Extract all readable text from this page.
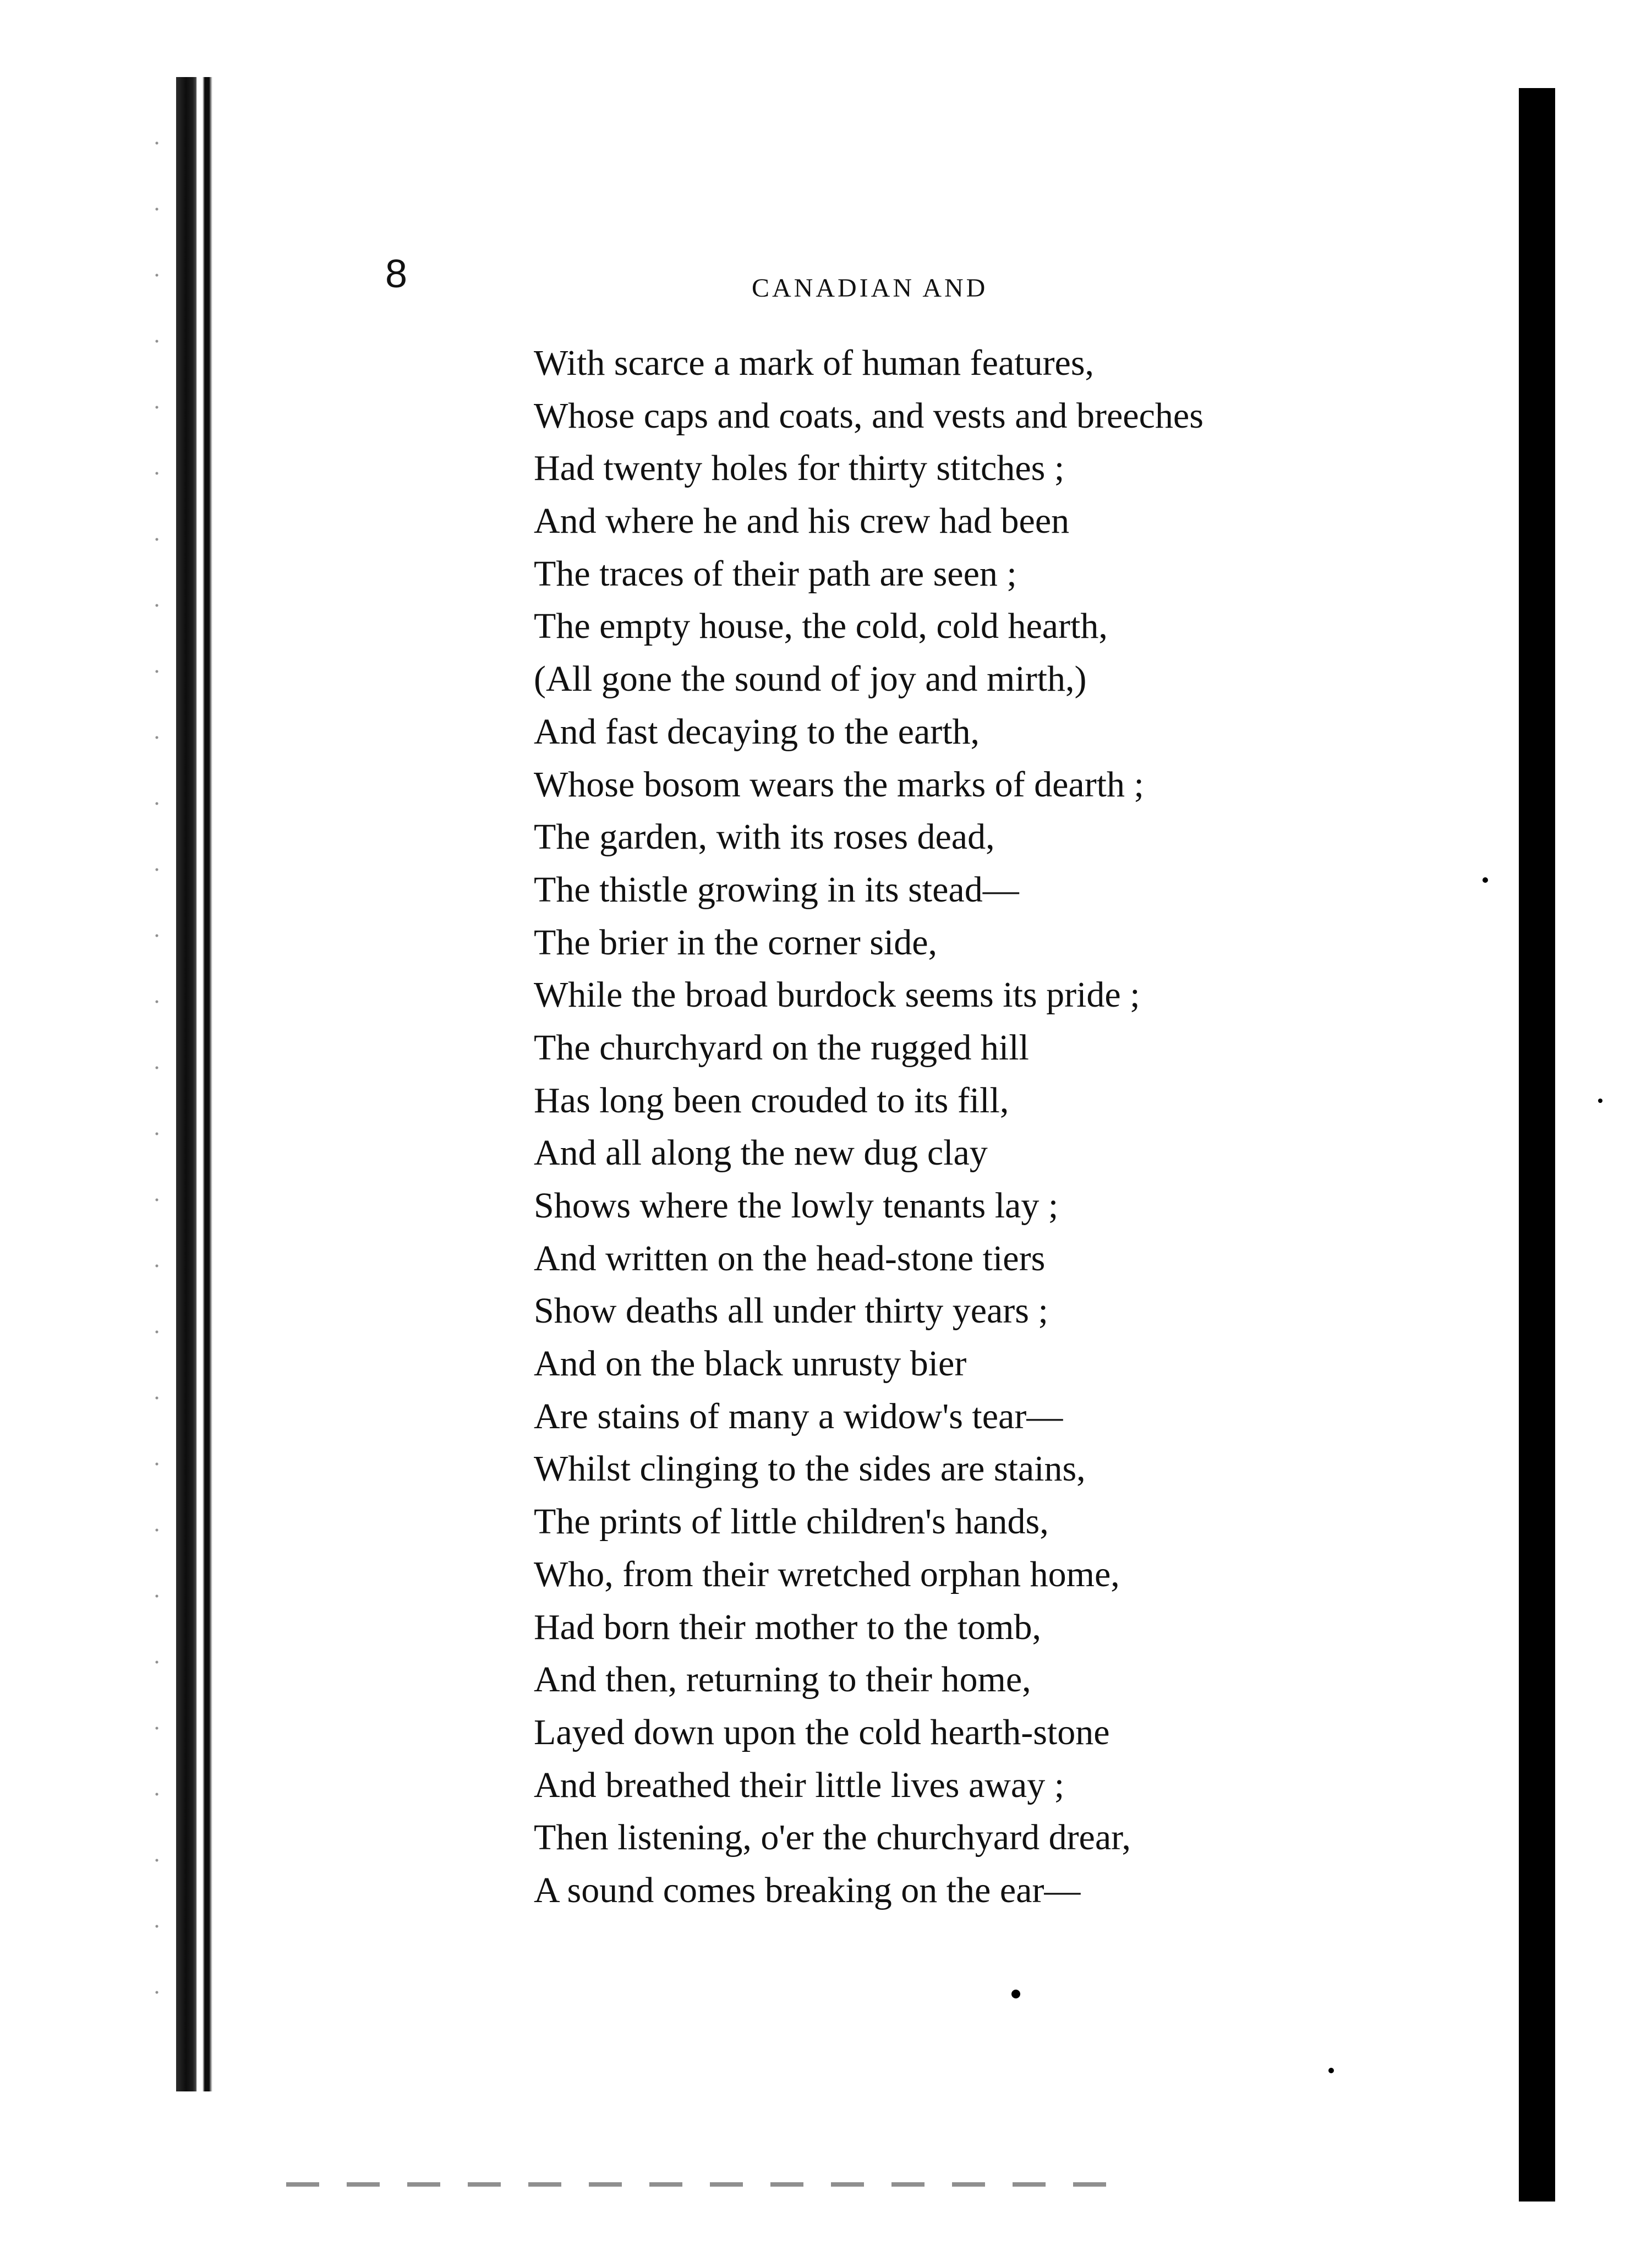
8	CANADIAN AND
With scarce a mark of human features,
Whose caps and coats, and vests and breeches
Had twenty holes for thirty stitches ;
And where he and his crew had been
The traces of their path are seen ;
The empty house, the cold, cold hearth,
(All gone the sound of joy and mirth,)
And fast decaying to the earth,
Whose bosom wears the marks of dearth ;
The garden, with its roses dead,
The thistle growing in its stead—
The brier in the corner side,
While the broad burdock seems its pride ;
The churchyard on the rugged hill
Has long been crouded to its fill,
And all along the new dug clay
Shows where the lowly tenants lay ;
And written on the head-stone tiers
Show deaths all under thirty years ;
And on the black unrusty bier
Are stains of many a widow's tear—
Whilst clinging to the sides are stains,
The prints of little children's hands,
Who, from their wretched orphan home,
Had born their mother to the tomb,
And then, returning to their home,
Layed down upon the cold hearth-stone
And breathed their little lives away ;
Then listening, o'er the churchyard drear,
A sound comes breaking on the ear—
